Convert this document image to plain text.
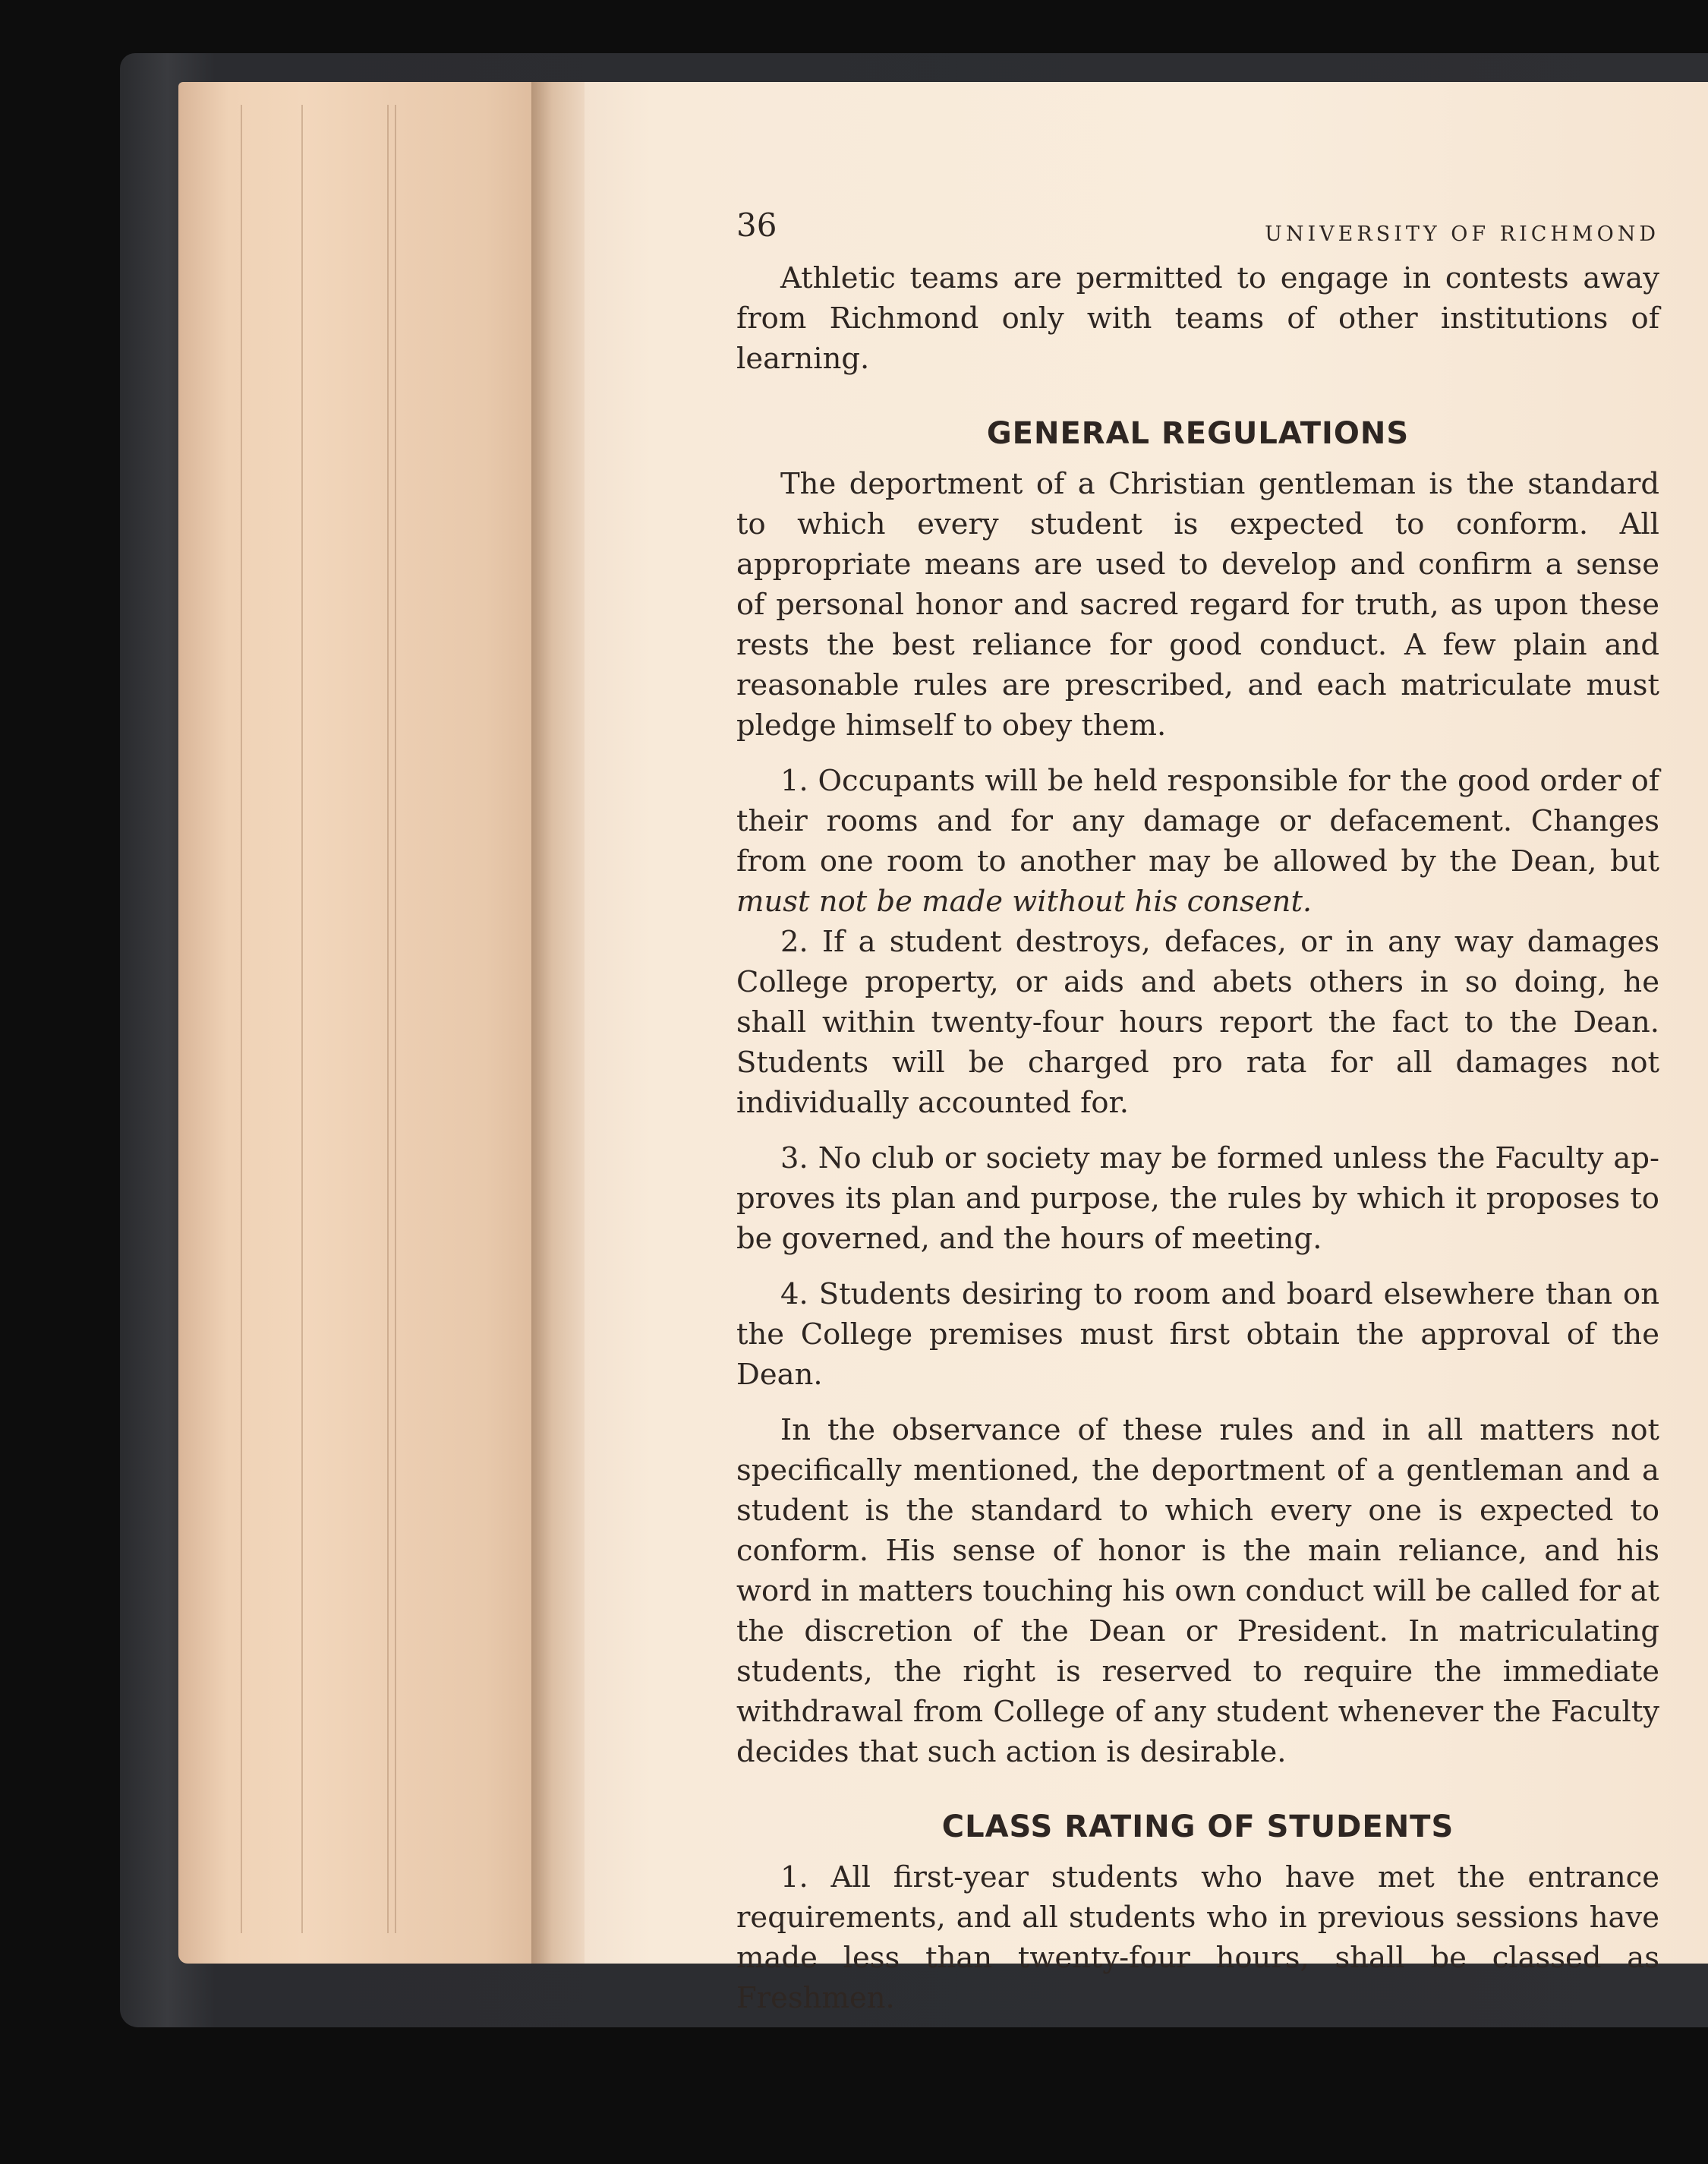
36	UNIVERSITY OF RICHMOND

Athletic teams are permitted to engage in contests away from Richmond only with teams of other institutions of learning.

GENERAL REGULATIONS

The deportment of a Christian gentleman is the standard to which every student is expected to conform. All appropriate means are used to develop and confirm a sense of personal honor and sacred regard for truth, as upon these rests the best reliance for good conduct. A few plain and reasonable rules are prescribed, and each matriculate must pledge himself to obey them.

1. Occupants will be held responsible for the good order of their rooms and for any damage or defacement. Changes from one room to another may be allowed by the Dean, but must not be made without his consent.

2. If a student destroys, defaces, or in any way damages College property, or aids and abets others in so doing, he shall within twenty-four hours report the fact to the Dean. Students will be charged pro rata for all damages not individually accounted for.

3. No club or society may be formed unless the Faculty approves its plan and purpose, the rules by which it proposes to be governed, and the hours of meeting.

4. Students desiring to room and board elsewhere than on the College premises must first obtain the approval of the Dean.

In the observance of these rules and in all matters not specifically mentioned, the deportment of a gentleman and a student is the standard to which every one is expected to conform. His sense of honor is the main reliance, and his word in matters touching his own conduct will be called for at the discretion of the Dean or President. In matriculating students, the right is reserved to require the immediate withdrawal from College of any student whenever the Faculty decides that such action is desirable.

CLASS RATING OF STUDENTS

1. All first-year students who have met the entrance requirements, and all students who in previous sessions have made less than twenty-four hours, shall be classed as Freshmen.
